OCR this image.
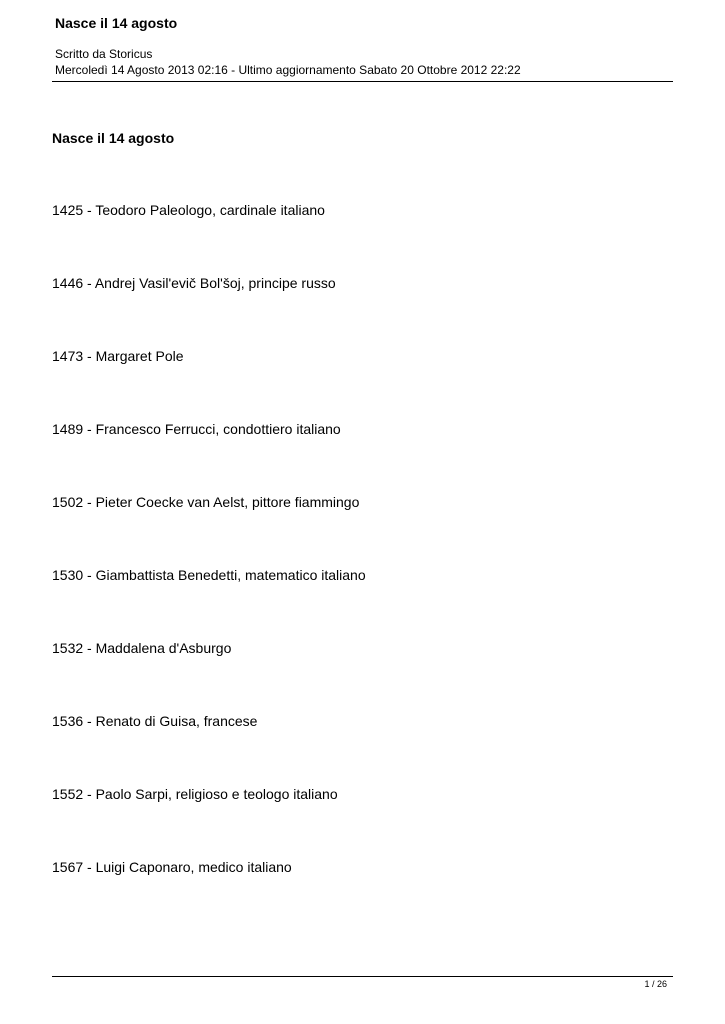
Nasce il 14 agosto
Scritto da Storicus
Mercoledì 14 Agosto 2013 02:16 - Ultimo aggiornamento Sabato 20 Ottobre 2012 22:22
Nasce il 14 agosto
1425 - Teodoro Paleologo, cardinale italiano
1446 - Andrej Vasil'evič Bol'šoj, principe russo
1473 - Margaret Pole
1489 - Francesco Ferrucci, condottiero italiano
1502 - Pieter Coecke van Aelst, pittore fiammingo
1530 - Giambattista Benedetti, matematico italiano
1532 - Maddalena d'Asburgo
1536 - Renato di Guisa, francese
1552 - Paolo Sarpi, religioso e teologo italiano
1567 - Luigi Caponaro, medico italiano
1 / 26
